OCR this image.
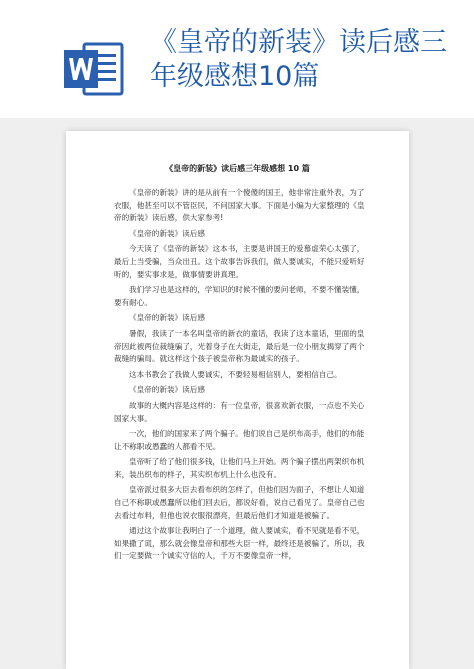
《皇帝的新装》读后感三年级感想10篇
《皇帝的新装》读后感三年级感想 10 篇

《皇帝的新装》讲的是从前有一个傻傻的国王，他非常注重外表，为了衣服，他甚至可以不管臣民，不问国家大事。下面是小编为大家整理的《皇帝的新装》读后感，供大家参考!

《皇帝的新装》读后感

今天读了《皇帝的新装》这本书，主要是讲国王的爱慕虚荣心太强了，最后上当受骗，当众出丑。这个故事告诉我们，做人要诚实，不能只爱听好听的，要实事求是，做事情要讲真理。

我们学习也是这样的，学知识的时候不懂的要问老师，不要不懂装懂，要有耐心。

《皇帝的新装》读后感

暑假，我读了一本名叫皇帝的新衣的童话，我读了这本童话，里面的皇帝因此被两位裁缝骗了，光着身子在大街走，最后是一位小朋友揭穿了两个裁缝的骗局。就这样这个孩子被皇帝称为最诚实的孩子。

这本书教会了我做人要诚实，不要轻易相信别人，要相信自己。

《皇帝的新装》读后感

故事的大概内容是这样的：有一位皇帝，很喜欢新衣服，一点也不关心国家大事。

一次，他们的国家来了两个骗子。他们说自己是织布高手，他们的布能让不称职或愚蠢的人都看不见。

皇帝听了给了他们很多钱，让他们马上开始。两个骗子摆出两架织布机来，装出织布的样子，其实织布机上什么也没有。

皇帝派过很多大臣去看布织的怎样了，但他们因为面子，不想让人知道自己不称职或愚蠢所以他们回去后，都说好看，说自己看见了。皇帝自己也去看过布料，但他也说衣服很漂亮，但最后他们才知道是被骗了。

通过这个故事让我明白了一个道理，做人要诚实，看不见就是看不见，如果撒了谎，那么就会像皇帝和那些大臣一样，最终还是被骗了。所以，我们一定要做一个诚实守信的人，千万不要像皇帝一样，
